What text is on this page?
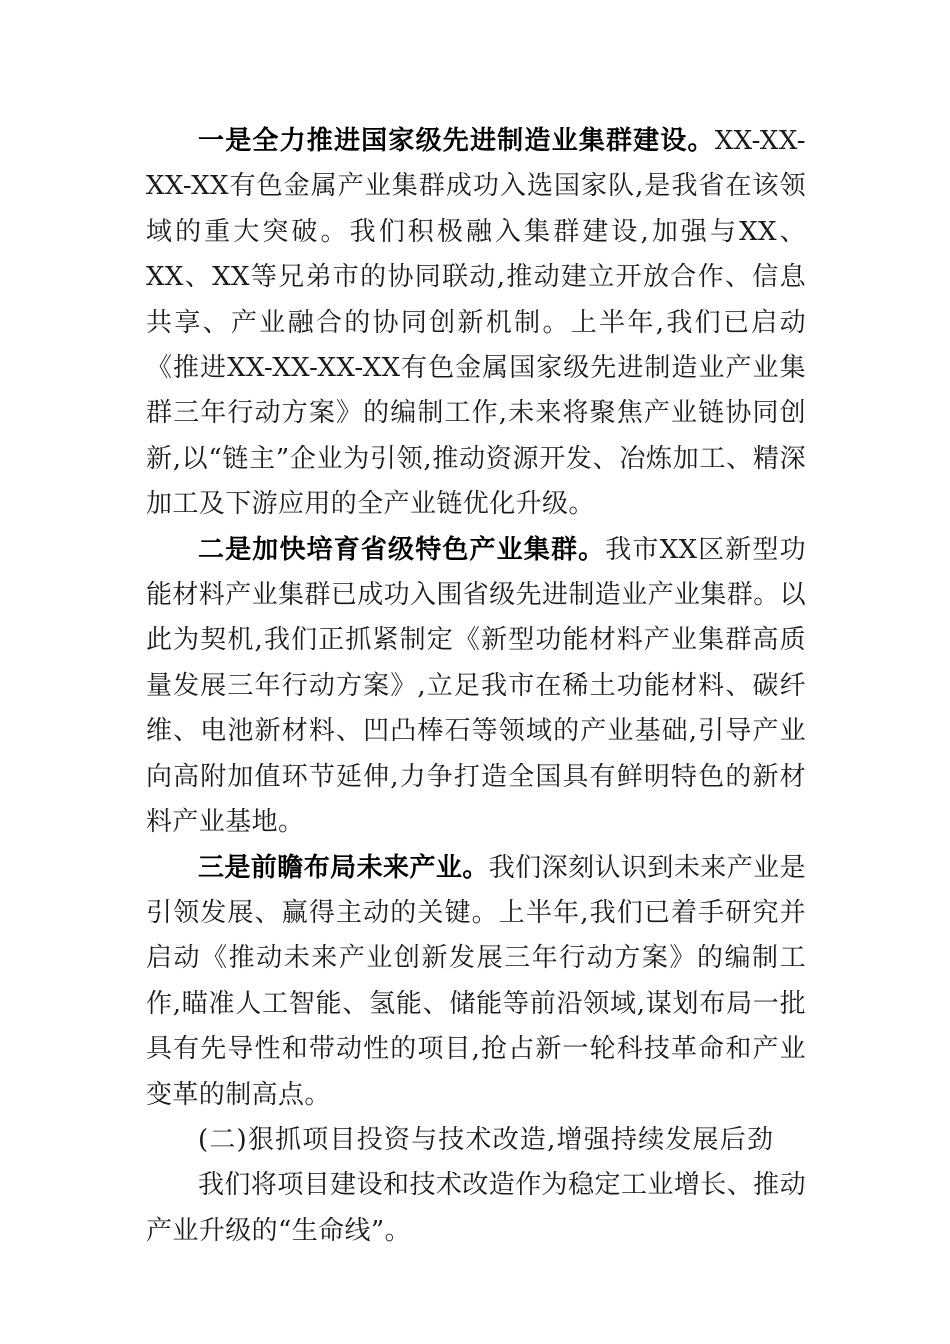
一是全力推进国家级先进制造业集群建设。XX-XX-XX-XX有色金属产业集群成功入选国家队,是我省在该领域的重大突破。我们积极融入集群建设,加强与XX、XX、XX等兄弟市的协同联动,推动建立开放合作、信息共享、产业融合的协同创新机制。上半年,我们已启动《推进XX-XX-XX-XX有色金属国家级先进制造业产业集群三年行动方案》的编制工作,未来将聚焦产业链协同创新,以“链主”企业为引领,推动资源开发、冶炼加工、精深加工及下游应用的全产业链优化升级。

二是加快培育省级特色产业集群。我市XX区新型功能材料产业集群已成功入围省级先进制造业产业集群。以此为契机,我们正抓紧制定《新型功能材料产业集群高质量发展三年行动方案》,立足我市在稀土功能材料、碳纤维、电池新材料、凹凸棒石等领域的产业基础,引导产业向高附加值环节延伸,力争打造全国具有鲜明特色的新材料产业基地。

三是前瞻布局未来产业。我们深刻认识到未来产业是引领发展、赢得主动的关键。上半年,我们已着手研究并启动《推动未来产业创新发展三年行动方案》的编制工作,瞄准人工智能、氢能、储能等前沿领域,谋划布局一批具有先导性和带动性的项目,抢占新一轮科技革命和产业变革的制高点。

(二)狠抓项目投资与技术改造,增强持续发展后劲

我们将项目建设和技术改造作为稳定工业增长、推动产业升级的“生命线”。
